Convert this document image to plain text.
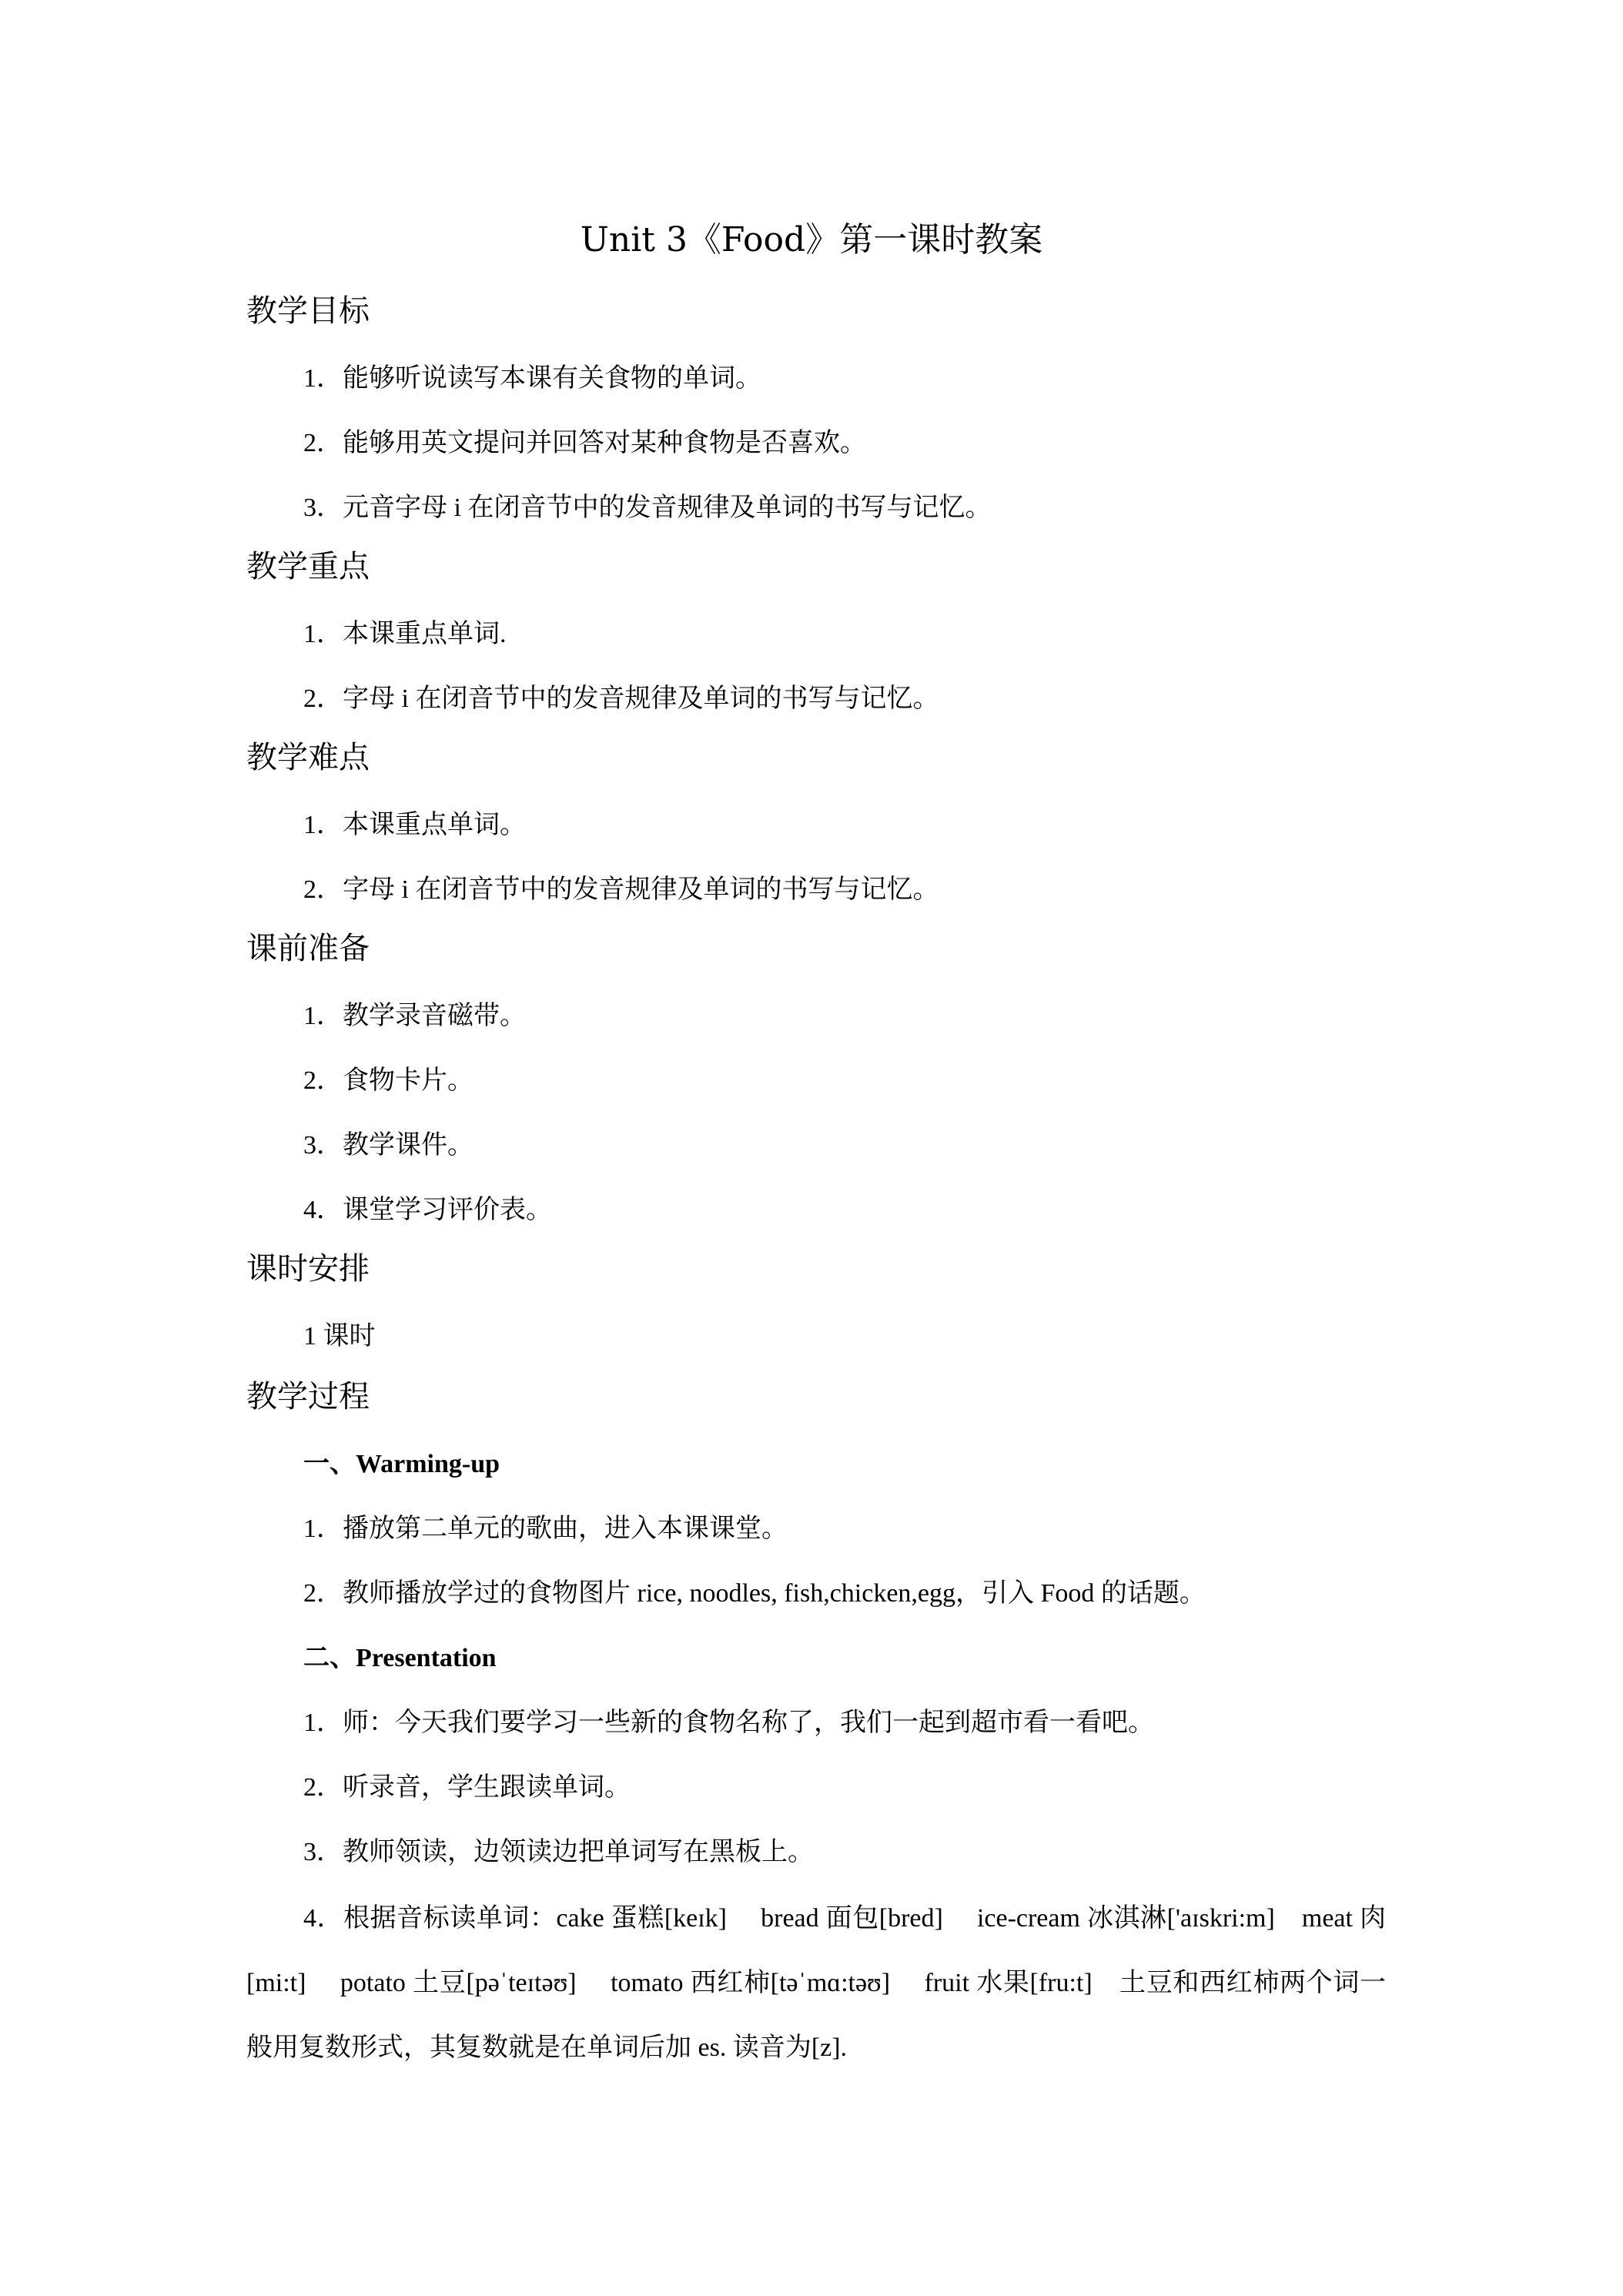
Unit 3《Food》第一课时教案
教学目标

1．能够听说读写本课有关食物的单词。

2．能够用英文提问并回答对某种食物是否喜欢。

3．元音字母 i 在闭音节中的发音规律及单词的书写与记忆。

教学重点

1．本课重点单词.

2．字母 i 在闭音节中的发音规律及单词的书写与记忆。

教学难点

1．本课重点单词。

2．字母 i 在闭音节中的发音规律及单词的书写与记忆。

课前准备

1．教学录音磁带。

2．食物卡片。

3．教学课件。

4．课堂学习评价表。

课时安排

1 课时

教学过程

一、Warming-up

1．播放第二单元的歌曲，进入本课课堂。

2．教师播放学过的食物图片 rice, noodles, fish,chicken,egg，引入 Food 的话题。

二、Presentation

1．师：今天我们要学习一些新的食物名称了，我们一起到超市看一看吧。

2．听录音，学生跟读单词。

3．教师领读，边领读边把单词写在黑板上。

4．根据音标读单词：cake 蛋糕[keɪk]　 bread 面包[bred]　 ice-cream 冰淇淋['aɪskri:m]　meat 肉[mi:t]　 potato 土豆[pəˈteɪtəʊ]　 tomato 西红柿[təˈmɑ:təʊ]　 fruit 水果[fru:t]　土豆和西红柿两个词一般用复数形式，其复数就是在单词后加 es. 读音为[z].
